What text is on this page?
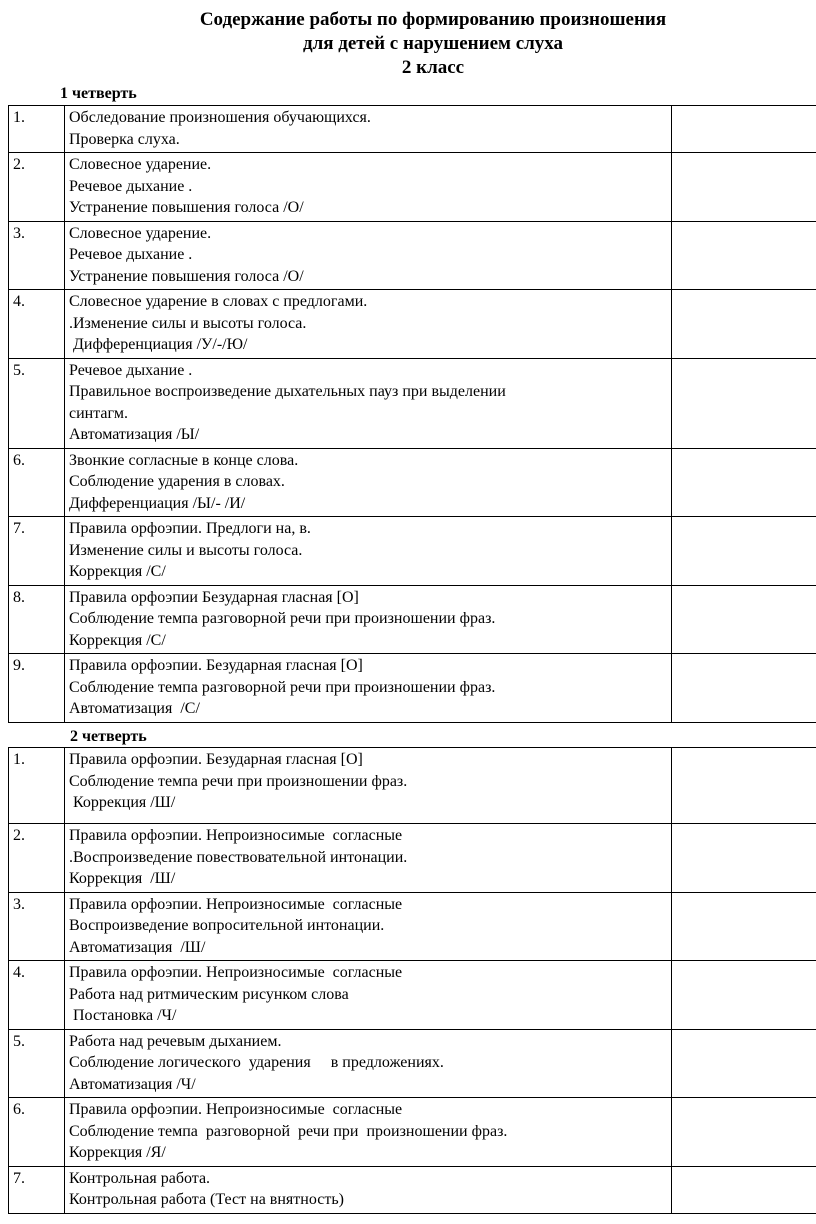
Содержание работы по формированию произношения
для детей с нарушением слуха
2 класс
1 четверть
1.	Обследование произношения обучающихся.
Проверка слуха.	

2.	Словесное ударение.
Речевое дыхание .
Устранение повышения голоса /О/	

3.	Словесное ударение.
Речевое дыхание .
Устранение повышения голоса /О/	

4.	Словесное ударение в словах с предлогами.
.Изменение силы и высоты голоса.
Дифференциация /У/-/Ю/	

5.	Речевое дыхание .
Правильное воспроизведение дыхательных пауз при выделении
синтагм.
Автоматизация /Ы/	

6.	Звонкие согласные в конце слова.
Соблюдение ударения в словах.
Дифференциация /Ы/- /И/	

7.	Правила орфоэпии. Предлоги на, в.
Изменение силы и высоты голоса.
Коррекция /С/	

8.	Правила орфоэпии Безударная гласная [О]
Соблюдение темпа разговорной речи при произношении фраз.
Коррекция /С/	

9.	Правила орфоэпии. Безударная гласная [О]
Соблюдение темпа разговорной речи при произношении фраз.
Автоматизация  /С/	

2 четверть
1.	Правила орфоэпии. Безударная гласная [О]
Соблюдение темпа речи при произношении фраз.
Коррекция /Ш/	

2.	Правила орфоэпии. Непроизносимые  согласные
.Воспроизведение повествовательной интонации.
Коррекция  /Ш/	

3.	Правила орфоэпии. Непроизносимые  согласные
Воспроизведение вопросительной интонации.
Автоматизация  /Ш/	

4.	Правила орфоэпии. Непроизносимые  согласные
Работа над ритмическим рисунком слова
Постановка /Ч/	

5.	Работа над речевым дыханием.
Соблюдение логического  ударения     в предложениях.
Автоматизация /Ч/	

6.	Правила орфоэпии. Непроизносимые  согласные
Соблюдение темпа  разговорной  речи при  произношении фраз.
Коррекция /Я/	

7.	Контрольная работа.
Контрольная работа (Тест на внятность)	
